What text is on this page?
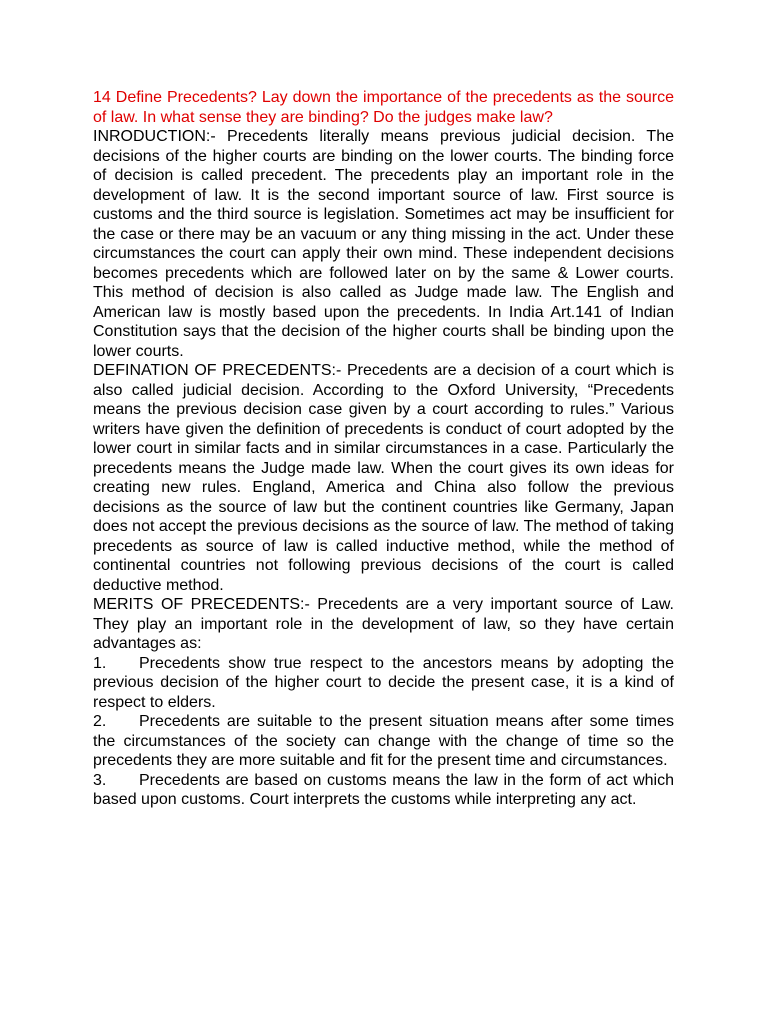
14 Define Precedents? Lay down the importance of the precedents as the source of law. In what sense they are binding? Do the judges make law?

INRODUCTION:- Precedents literally means previous judicial decision. The decisions of the higher courts are binding on the lower courts. The binding force of decision is called precedent. The precedents play an important role in the development of law. It is the second important source of law. First source is customs and the third source is legislation. Sometimes act may be insufficient for the case or there may be an vacuum or any thing missing in the act. Under these circumstances the court can apply their own mind. These independent decisions becomes precedents which are followed later on by the same & Lower courts. This method of decision is also called as Judge made law. The English and American law is mostly based upon the precedents. In India Art.141 of Indian Constitution says that the decision of the higher courts shall be binding upon the lower courts.

DEFINATION OF PRECEDENTS:- Precedents are a decision of a court which is also called judicial decision. According to the Oxford University, “Precedents means the previous decision case given by a court according to rules.” Various writers have given the definition of precedents is conduct of court adopted by the lower court in similar facts and in similar circumstances in a case. Particularly the precedents means the Judge made law. When the court gives its own ideas for creating new rules. England, America and China also follow the previous decisions as the source of law but the continent countries like Germany, Japan does not accept the previous decisions as the source of law. The method of taking precedents as source of law is called inductive method, while the method of continental countries not following previous decisions of the court is called deductive method.

MERITS OF PRECEDENTS:- Precedents are a very important source of Law. They play an important role in the development of law, so they have certain advantages as:

1. Precedents show true respect to the ancestors means by adopting the previous decision of the higher court to decide the present case, it is a kind of respect to elders.

2. Precedents are suitable to the present situation means after some times the circumstances of the society can change with the change of time so the precedents they are more suitable and fit for the present time and circumstances.

3. Precedents are based on customs means the law in the form of act which based upon customs. Court interprets the customs while interpreting any act.
